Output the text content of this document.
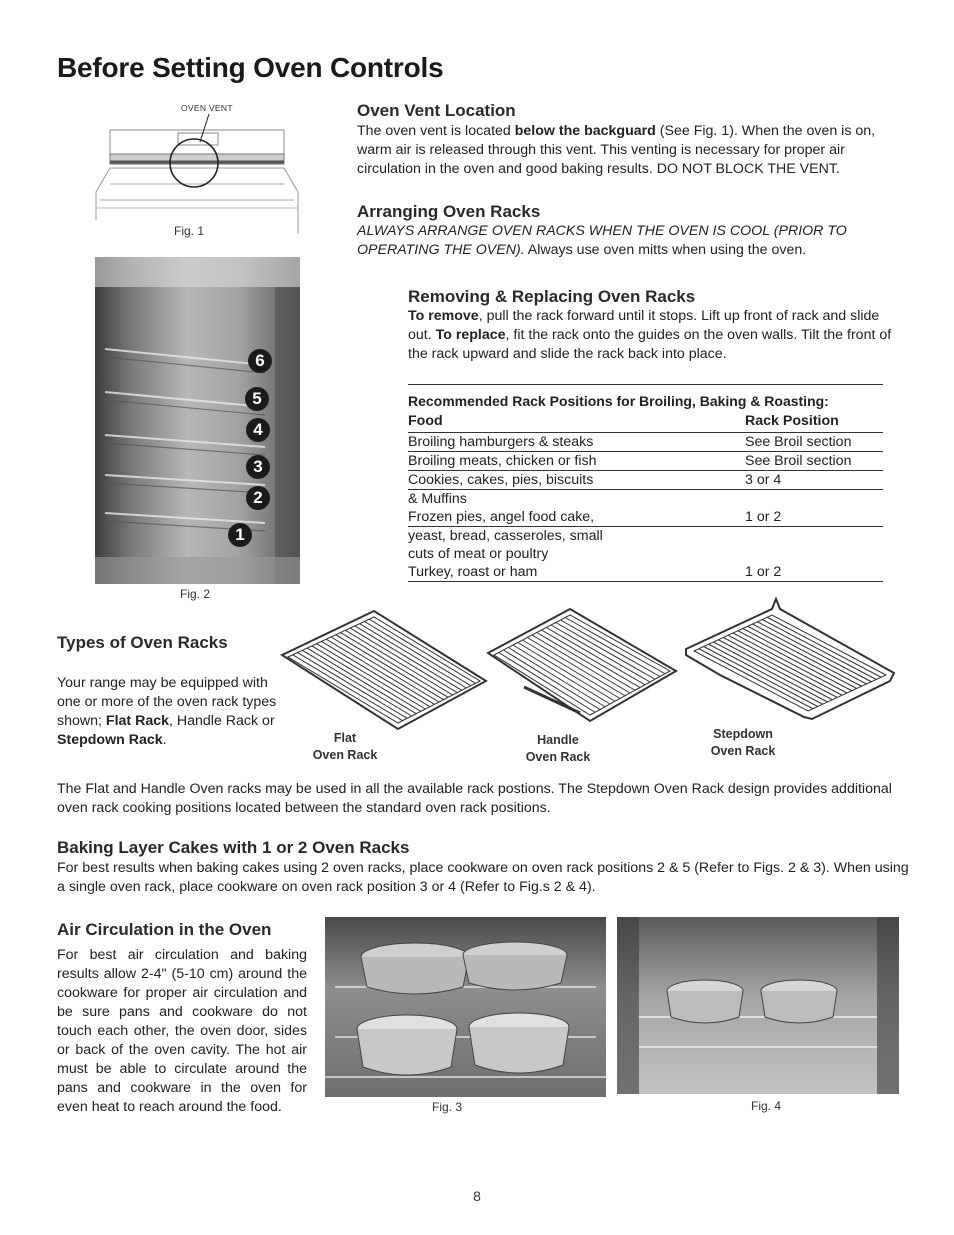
Before Setting Oven Controls
OVEN VENT
Fig. 1
6
5
4
3
2
1
Fig. 2
Oven Vent Location

The oven vent is located below the backguard (See Fig. 1). When the oven is on, warm air is released through this vent. This venting is necessary for proper air circulation in the oven and good baking results. DO NOT BLOCK THE VENT.

Arranging Oven Racks

ALWAYS ARRANGE OVEN RACKS WHEN THE OVEN IS COOL (PRIOR TO OPERATING THE OVEN). Always use oven mitts when using the oven.

Removing & Replacing Oven Racks

To remove, pull the rack forward until it stops. Lift up front of rack and slide out. To replace, fit the rack onto the guides on the oven walls. Tilt the front of the rack upward and slide the rack back into place.

Recommended Rack Positions for Broiling, Baking & Roasting:
Food	Rack Position
Broiling hamburgers & steaks	See Broil section
Broiling meats, chicken or fish	See Broil section
Cookies, cakes, pies, biscuits	3 or 4
& Muffins
Frozen pies, angel food cake,	1 or 2
yeast, bread, casseroles, small
cuts of meat or poultry
Turkey, roast or ham	1 or 2
Types of Oven Racks

Your range may be equipped with one or more of the oven rack types shown; Flat Rack, Handle Rack or Stepdown Rack.	Flat
Oven Rack
Handle
Oven Rack
Stepdown
Oven Rack

The Flat and Handle Oven racks may be used in all the available rack postions. The Stepdown Oven Rack design provides additional oven rack cooking positions located between the standard oven rack positions.

Baking Layer Cakes with 1 or 2 Oven Racks

For best results when baking cakes using 2 oven racks, place cookware on oven rack positions 2 & 5 (Refer to Figs. 2 & 3). When using a single oven rack, place cookware on oven rack position 3 or 4 (Refer to Fig.s 2 & 4).

Air Circulation in the Oven

For best air circulation and baking results allow 2-4" (5-10 cm) around the cookware for proper air circulation and be sure pans and cookware do not touch each other, the oven door, sides or back of the oven cavity. The hot air must be able to circulate around the pans and cookware in the oven for even heat to reach around the food.	Fig. 3	Fig. 4
8
